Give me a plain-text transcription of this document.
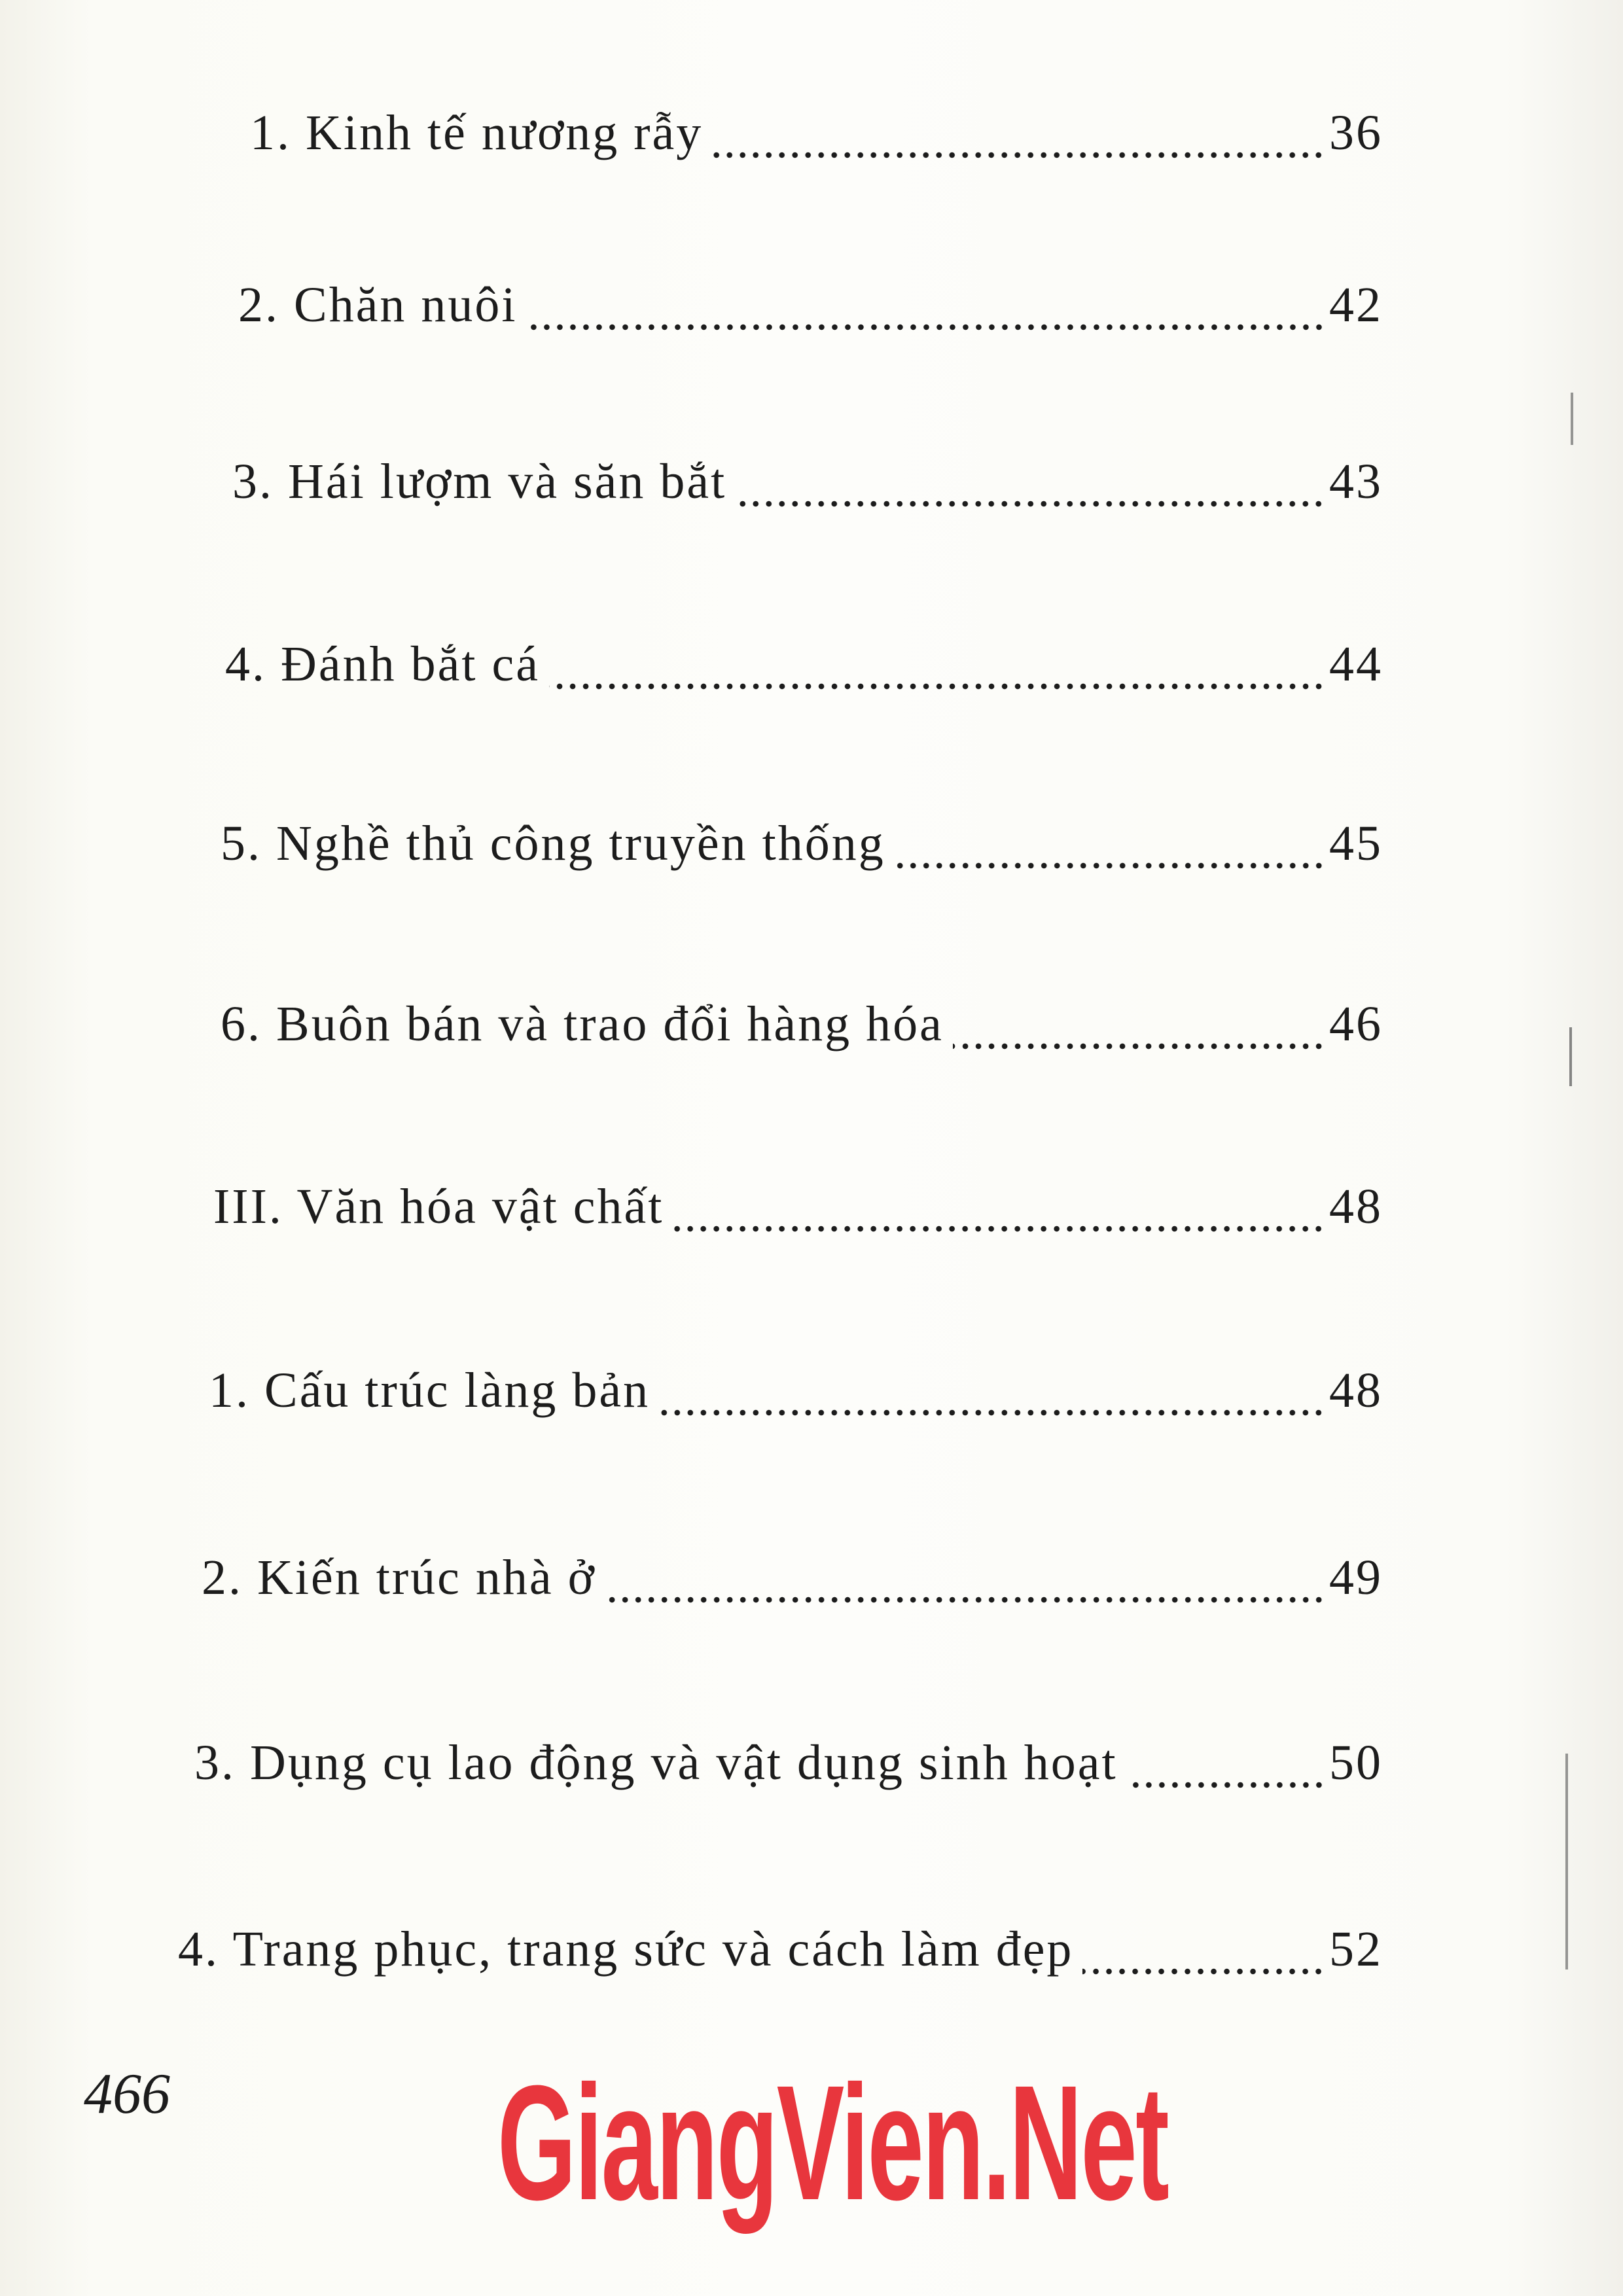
1. Kinh tế nương rẫy	36
2. Chăn nuôi	42
3. Hái lượm và săn bắt	43
4. Đánh bắt cá	44
5. Nghề thủ công truyền thống	45
6. Buôn bán và trao đổi hàng hóa	46
III. Văn hóa vật chất	48
1. Cấu trúc làng bản	48
2. Kiến trúc nhà ở	49
3. Dụng cụ lao động và vật dụng sinh hoạt	50
4. Trang phục, trang sức và cách làm đẹp	52
466 GiangVien.Net
